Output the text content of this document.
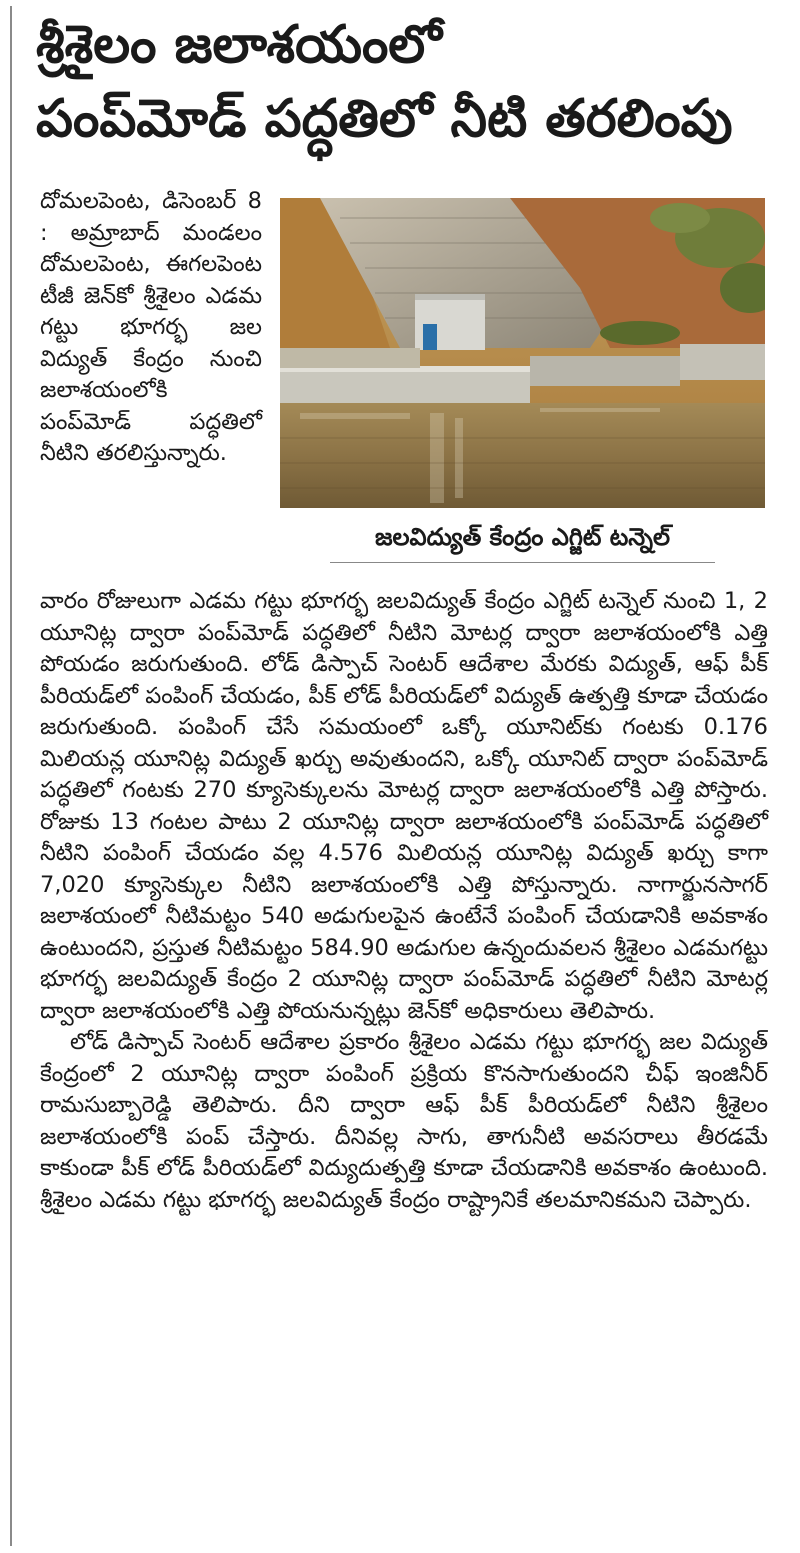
శ్రీశైలం జలాశయంలో
పంప్‌మోడ్ పద్ధతిలో నీటి తరలింపు

దోమలపెంట, డిసెంబర్ 8 : అమ్రాబాద్ మండలం దోమలపెంట, ఈగలపెంట టీజీ జెన్‌కో శ్రీశైలం ఎడమ గట్టు భూగర్భ జల విద్యుత్ కేంద్రం నుంచి జలాశయంలోకి పంప్‌మోడ్ పద్ధతిలో నీటిని తరలిస్తున్నారు.

జలవిద్యుత్ కేంద్రం ఎగ్జిట్ టన్నెల్

వారం రోజులుగా ఎడమ గట్టు భూగర్భ జలవిద్యుత్ కేంద్రం ఎగ్జిట్ టన్నెల్ నుంచి 1, 2 యూనిట్ల ద్వారా పంప్‌మోడ్ పద్ధతిలో నీటిని మోటర్ల ద్వారా జలాశయంలోకి ఎత్తి పోయడం జరుగుతుంది. లోడ్ డిస్పాచ్ సెంటర్ ఆదేశాల మేరకు విద్యుత్, ఆఫ్ పీక్ పీరియడ్‌లో పంపింగ్ చేయడం, పీక్ లోడ్ పీరియడ్‌లో విద్యుత్ ఉత్పత్తి కూడా చేయడం జరుగుతుంది. పంపింగ్ చేసే సమయంలో ఒక్కో యూనిట్‌కు గంటకు 0.176 మిలియన్ల యూనిట్ల విద్యుత్ ఖర్చు అవుతుందని, ఒక్కో యూనిట్ ద్వారా పంప్‌మోడ్ పద్ధతిలో గంటకు 270 క్యూసెక్కులను మోటర్ల ద్వారా జలాశయంలోకి ఎత్తి పోస్తారు. రోజుకు 13 గంటల పాటు 2 యూనిట్ల ద్వారా జలాశయంలోకి పంప్‌మోడ్ పద్ధతిలో నీటిని పంపింగ్ చేయడం వల్ల 4.576 మిలియన్ల యూనిట్ల విద్యుత్ ఖర్చు కాగా 7,020 క్యూసెక్కుల నీటిని జలాశయంలోకి ఎత్తి పోస్తున్నారు. నాగార్జునసాగర్ జలాశయంలో నీటిమట్టం 540 అడుగులపైన ఉంటేనే పంపింగ్ చేయడానికి అవకాశం ఉంటుందని, ప్రస్తుత నీటిమట్టం 584.90 అడుగుల ఉన్నందువలన శ్రీశైలం ఎడమగట్టు భూగర్భ జలవిద్యుత్ కేంద్రం 2 యూనిట్ల ద్వారా పంప్‌మోడ్ పద్ధతిలో నీటిని మోటర్ల ద్వారా జలాశయంలోకి ఎత్తి పోయనున్నట్లు జెన్‌కో అధికారులు తెలిపారు.

లోడ్ డిస్పాచ్ సెంటర్ ఆదేశాల ప్రకారం శ్రీశైలం ఎడమ గట్టు భూగర్భ జల విద్యుత్ కేంద్రంలో 2 యూనిట్ల ద్వారా పంపింగ్ ప్రక్రియ కొనసాగుతుందని చీఫ్ ఇంజినీర్ రామసుబ్బారెడ్డి తెలిపారు. దీని ద్వారా ఆఫ్ పీక్ పీరియడ్‌లో నీటిని శ్రీశైలం జలాశయంలోకి పంప్ చేస్తారు. దీనివల్ల సాగు, తాగునీటి అవసరాలు తీరడమే కాకుండా పీక్ లోడ్ పీరియడ్‌లో విద్యుదుత్పత్తి కూడా చేయడానికి అవకాశం ఉంటుంది. శ్రీశైలం ఎడమ గట్టు భూగర్భ జలవిద్యుత్ కేంద్రం రాష్ట్రానికే తలమానికమని చెప్పారు.
